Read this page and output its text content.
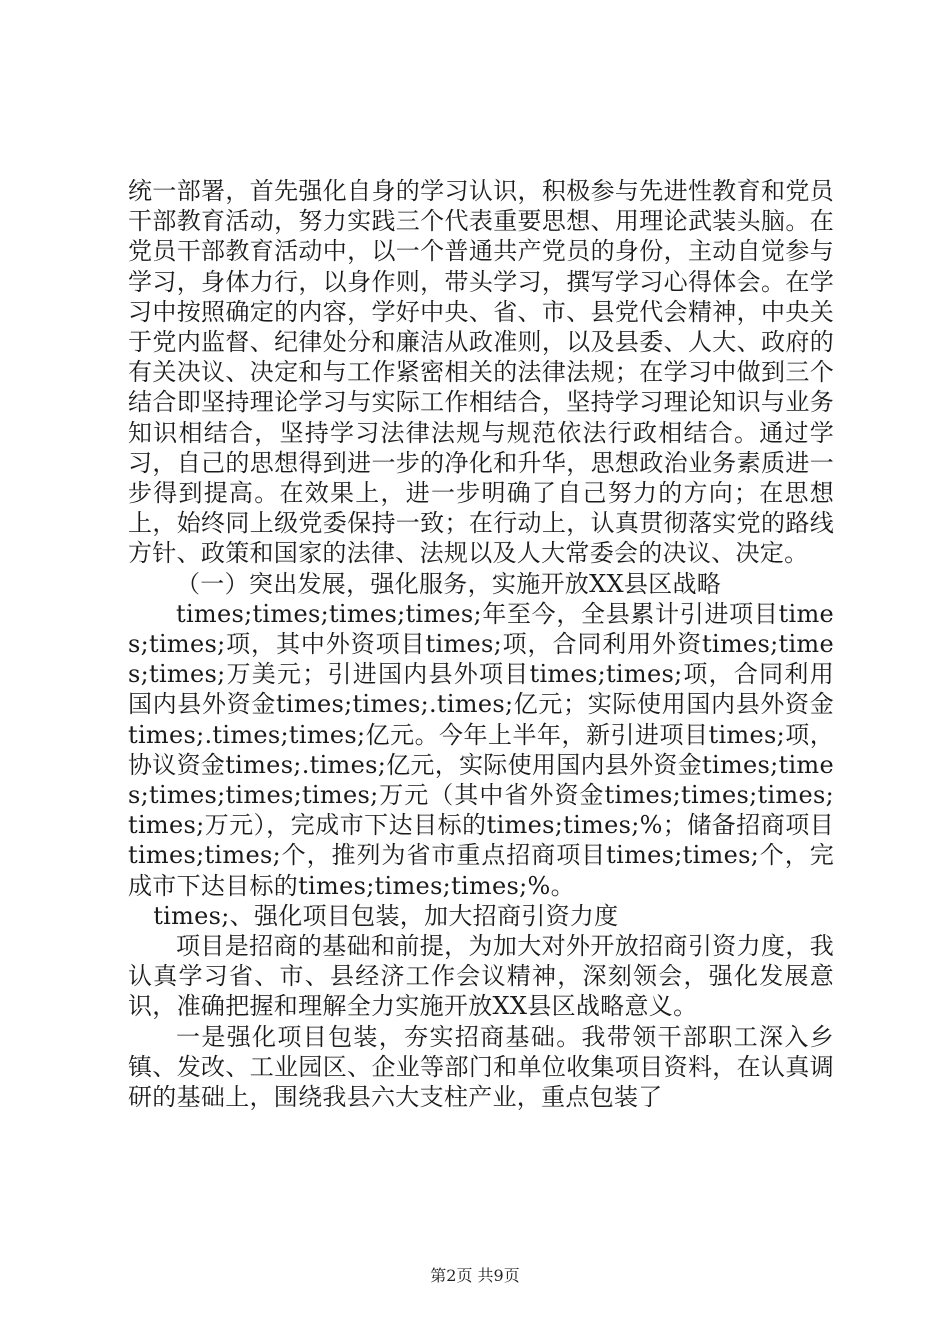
统一部署，首先强化自身的学习认识，积极参与先进性教育和党员干部教育活动，努力实践三个代表重要思想、用理论武装头脑。在党员干部教育活动中，以一个普通共产党员的身份，主动自觉参与学习，身体力行，以身作则，带头学习，撰写学习心得体会。在学习中按照确定的内容，学好中央、省、市、县党代会精神，中央关于党内监督、纪律处分和廉洁从政准则，以及县委、人大、政府的有关决议、决定和与工作紧密相关的法律法规；在学习中做到三个结合即坚持理论学习与实际工作相结合，坚持学习理论知识与业务知识相结合，坚持学习法律法规与规范依法行政相结合。通过学习，自己的思想得到进一步的净化和升华，思想政治业务素质进一步得到提高。在效果上，进一步明确了自己努力的方向；在思想上，始终同上级党委保持一致；在行动上，认真贯彻落实党的路线方针、政策和国家的法律、法规以及人大常委会的决议、决定。

（一）突出发展，强化服务，实施开放XX县区战略

times;times;times;times;年至今，全县累计引进项目times;times;项，其中外资项目times;项，合同利用外资times;times;times;万美元；引进国内县外项目times;times;项，合同利用国内县外资金times;times;.times;亿元；实际使用国内县外资金times;.times;times;亿元。今年上半年，新引进项目times;项，协议资金times;.times;亿元，实际使用国内县外资金times;times;times;times;times;万元（其中省外资金times;times;times;times;万元），完成市下达目标的times;times;%；储备招商项目times;times;个，推列为省市重点招商项目times;times;个，完成市下达目标的times;times;times;%。

times;、强化项目包装，加大招商引资力度

项目是招商的基础和前提，为加大对外开放招商引资力度，我认真学习省、市、县经济工作会议精神，深刻领会，强化发展意识，准确把握和理解全力实施开放XX县区战略意义。

一是强化项目包装，夯实招商基础。我带领干部职工深入乡镇、发改、工业园区、企业等部门和单位收集项目资料，在认真调研的基础上，围绕我县六大支柱产业，重点包装了

第2页 共9页
